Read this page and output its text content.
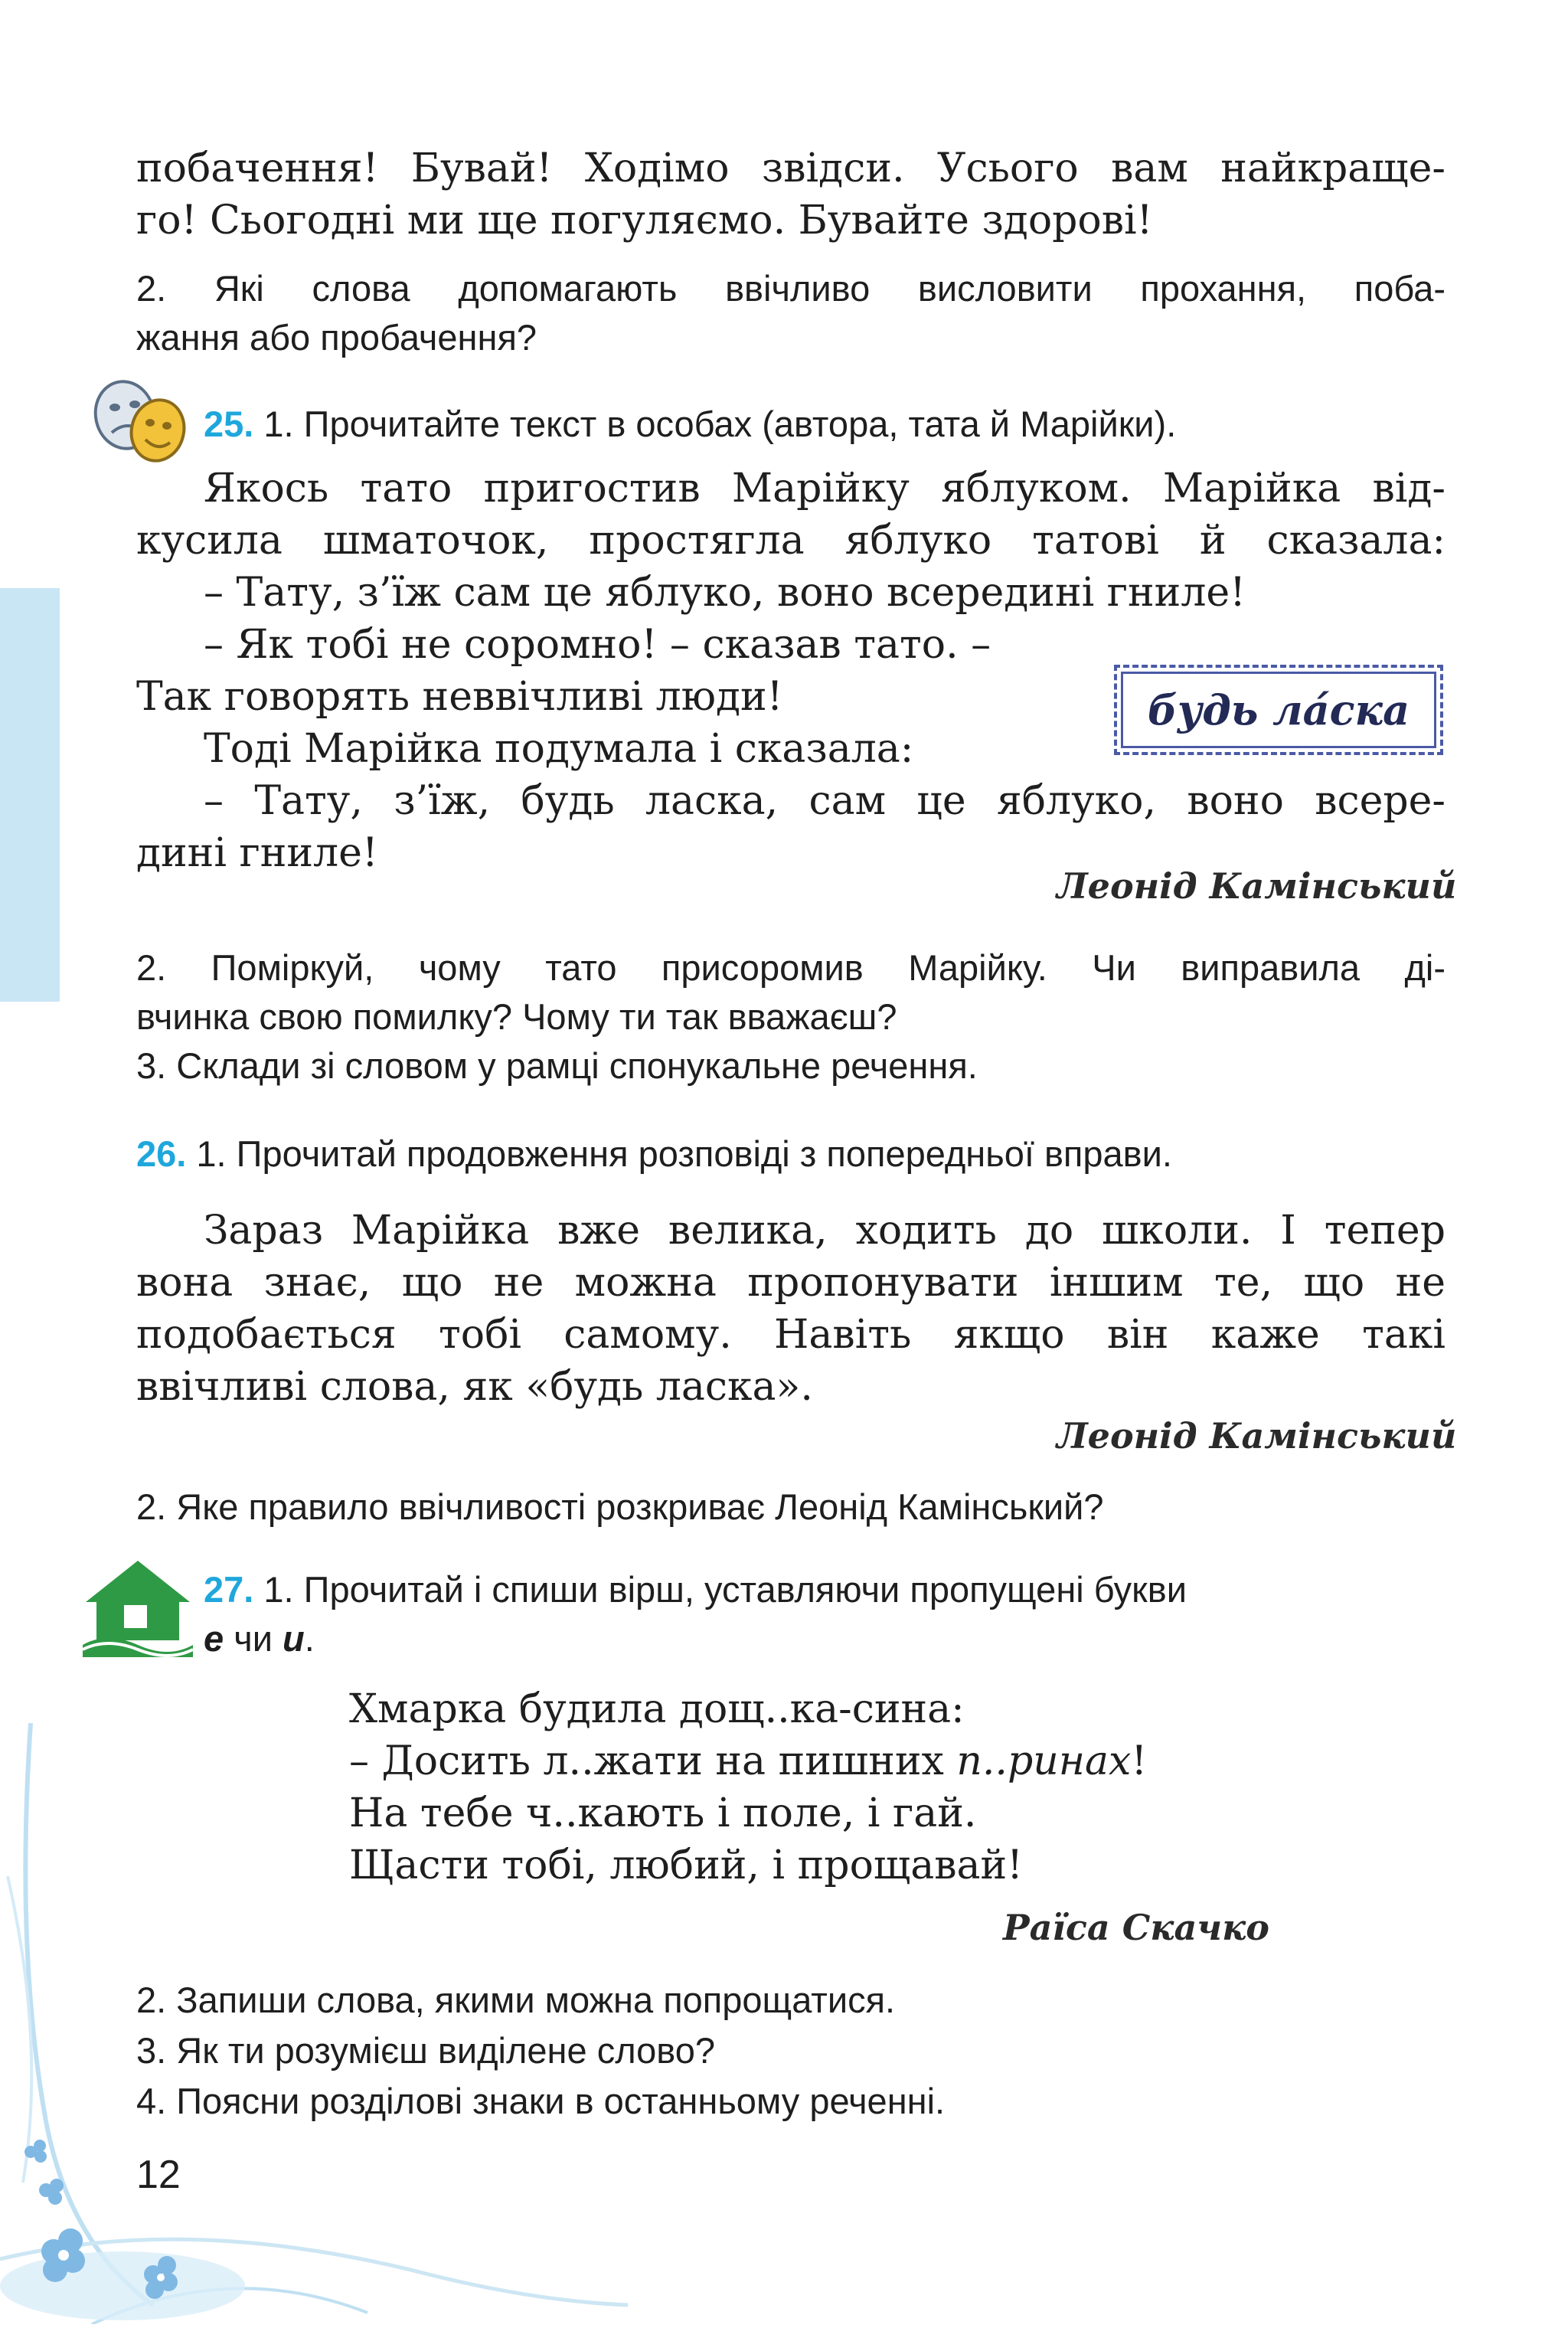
побачення! Бувай! Ходімо звідси. Усього вам найкраще-
го! Сьогодні ми ще погуляємо. Бувайте здорові!
2. Які слова допомагають ввічливо висловити прохання, поба-
жання або пробачення?
25. 1. Прочитайте текст в особах (автора, тата й Марійки).
Якось тато пригостив Марійку яблуком. Марійка від-
кусила шматочок, простягла яблуко татові й сказала:
– Тату, з’їж сам це яблуко, воно всередині гниле!
– Як тобі не соромно! – сказав тато. –
Так говорять неввічливі люди!
Тоді Марійка подумала і сказала:
– Тату, з’їж, будь ласка, сам це яблуко, воно всере-
дині гниле!
будь ла́ска
Леонід Камінський
2. Поміркуй, чому тато присоромив Марійку. Чи виправила ді-
вчинка свою помилку? Чому ти так вважаєш?
3. Склади зі словом у рамці спонукальне речення.
26. 1. Прочитай продовження розповіді з попередньої вправи.
Зараз Марійка вже велика, ходить до школи. І тепер
вона знає, що не можна пропонувати іншим те, що не
подобається тобі самому. Навіть якщо він каже такі
ввічливі слова, як «будь ласка».
Леонід Камінський
2. Яке правило ввічливості розкриває Леонід Камінський?
27. 1. Прочитай і спиши вірш, уставляючи пропущені букви
е чи и.
Хмарка будила дощ..ка-сина:
– Досить л..жати на пишних п..ринах!
На тебе ч..кають і поле, і гай.
Щасти тобі, любий, і прощавай!
Раїса Скачко
2. Запиши слова, якими можна попрощатися.
3. Як ти розумієш виділене слово?
4. Поясни розділові знаки в останньому реченні.
12
